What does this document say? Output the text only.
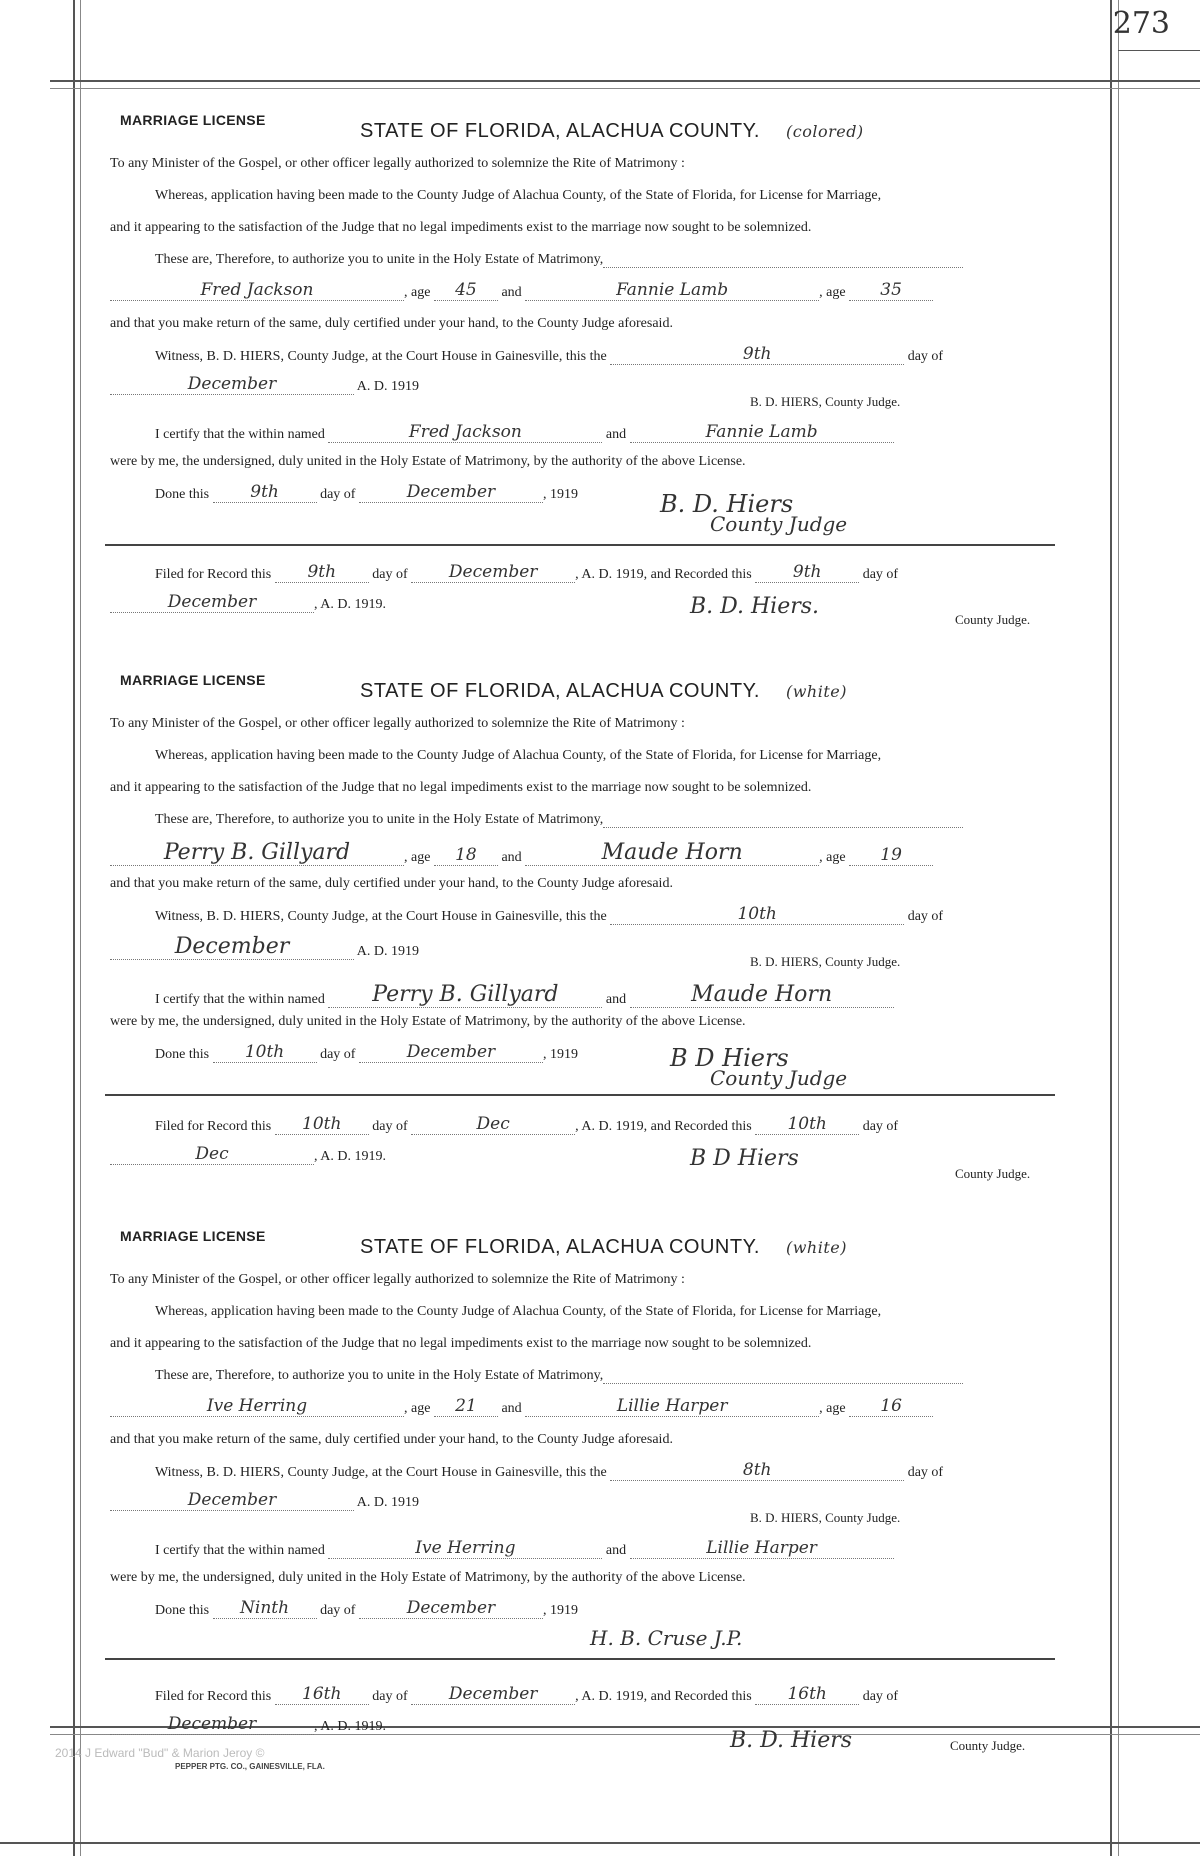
273
MARRIAGE LICENSE	STATE OF FLORIDA, ALACHUA COUNTY. (colored)
To any Minister of the Gospel, or other officer legally authorized to solemnize the Rite of Matrimony :
Whereas, application having been made to the County Judge of Alachua County, of the State of Florida, for License for Marriage,
and it appearing to the satisfaction of the Judge that no legal impediments exist to the marriage now sought to be solemnized.
These are, Therefore, to authorize you to unite in the Holy Estate of Matrimony,
Fred Jackson	, age 45 and	Fannie Lamb	, age 35
and that you make return of the same, duly certified under your hand, to the County Judge aforesaid.
Witness, B. D. HIERS, County Judge, at the Court House in Gainesville, this the	9th	day of
December	A. D. 1919
B. D. HIERS, County Judge.
I certify that the within named	Fred Jackson	and	Fannie Lamb
were by me, the undersigned, duly united in the Holy Estate of Matrimony, by the authority of the above License.
Done this 9th	day of	December	, 1919	B. D. Hiers
County Judge
Filed for Record this 9th	day of December	, A. D. 1919, and Recorded this 9th	day of
December	, A. D. 1919.	B. D. Hiers.
County Judge.
MARRIAGE LICENSE	STATE OF FLORIDA, ALACHUA COUNTY. (white)
To any Minister of the Gospel, or other officer legally authorized to solemnize the Rite of Matrimony :
Whereas, application having been made to the County Judge of Alachua County, of the State of Florida, for License for Marriage,
and it appearing to the satisfaction of the Judge that no legal impediments exist to the marriage now sought to be solemnized.
These are, Therefore, to authorize you to unite in the Holy Estate of Matrimony,
Perry B. Gillyard	, age 18 and	Maude Horn	, age 19
and that you make return of the same, duly certified under your hand, to the County Judge aforesaid.
Witness, B. D. HIERS, County Judge, at the Court House in Gainesville, this the	10th	day of
December	A. D. 1919
B. D. HIERS, County Judge.
I certify that the within named Perry B. Gillyard	and	Maude Horn
were by me, the undersigned, duly united in the Holy Estate of Matrimony, by the authority of the above License.
Done this 10th	day of	December	, 1919	B D Hiers
County Judge
Filed for Record this 10th day of	Dec	, A. D. 1919, and Recorded this 10th	day of
Dec	, A. D. 1919.	B D Hiers
County Judge.
MARRIAGE LICENSE	STATE OF FLORIDA, ALACHUA COUNTY. (white)
To any Minister of the Gospel, or other officer legally authorized to solemnize the Rite of Matrimony :
Whereas, application having been made to the County Judge of Alachua County, of the State of Florida, for License for Marriage,
and it appearing to the satisfaction of the Judge that no legal impediments exist to the marriage now sought to be solemnized.
These are, Therefore, to authorize you to unite in the Holy Estate of Matrimony,
Ive Herring	, age 21 and	Lillie Harper	, age 16
and that you make return of the same, duly certified under your hand, to the County Judge aforesaid.
Witness, B. D. HIERS, County Judge, at the Court House in Gainesville, this the	8th	day of
December	A. D. 1919
B. D. HIERS, County Judge.
I certify that the within named	Ive Herring	and	Lillie Harper
were by me, the undersigned, duly united in the Holy Estate of Matrimony, by the authority of the above License.
Done this Ninth day of	December	, 1919
H. B. Cruse J.P.
Filed for Record this 16th day of December	, A. D. 1919, and Recorded this 16th	day of
December	, A. D. 1919.
B. D. Hiers	County Judge.
2014 J Edward "Bud" & Marion Jeroy ©
PEPPER PTG. CO., GAINESVILLE, FLA.
